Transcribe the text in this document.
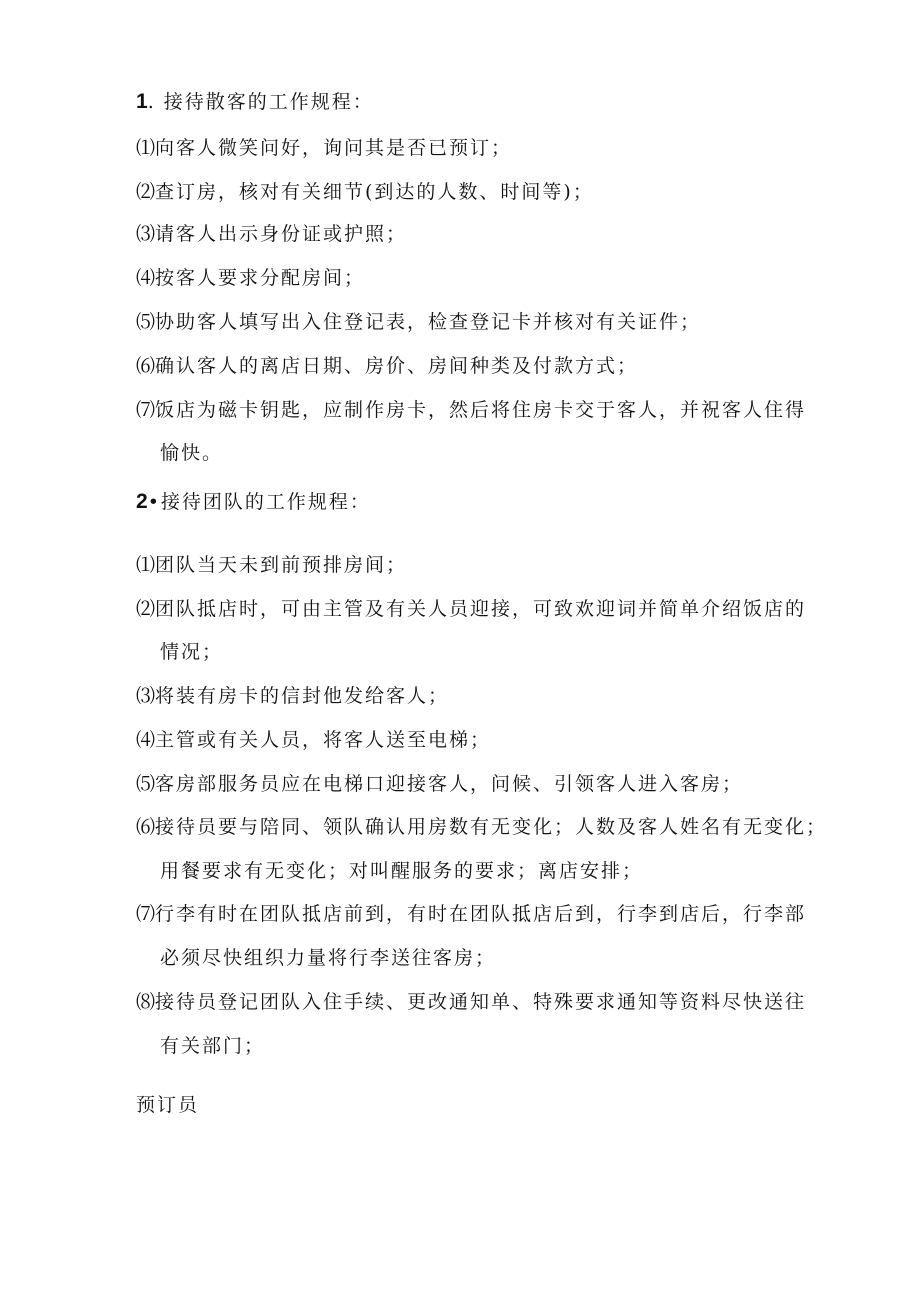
1. 接待散客的工作规程：
⑴向客人微笑问好，询问其是否已预订；
⑵查订房，核对有关细节(到达的人数、时间等)；
⑶请客人出示身份证或护照；
⑷按客人要求分配房间；
⑸协助客人填写出入住登记表，检查登记卡并核对有关证件；
⑹确认客人的离店日期、房价、房间种类及付款方式；
⑺饭店为磁卡钥匙，应制作房卡，然后将住房卡交于客人，并祝客人住得
愉快。
2•接待团队的工作规程：
⑴团队当天未到前预排房间；
⑵团队抵店时，可由主管及有关人员迎接，可致欢迎词并简单介绍饭店的
情况；
⑶将装有房卡的信封他发给客人；
⑷主管或有关人员，将客人送至电梯；
⑸客房部服务员应在电梯口迎接客人，问候、引领客人进入客房；
⑹接待员要与陪同、领队确认用房数有无变化；人数及客人姓名有无变化；
用餐要求有无变化；对叫醒服务的要求；离店安排；
⑺行李有时在团队抵店前到，有时在团队抵店后到，行李到店后，行李部
必须尽快组织力量将行李送往客房；
⑻接待员登记团队入住手续、更改通知单、特殊要求通知等资料尽快送往
有关部门；
预订员
